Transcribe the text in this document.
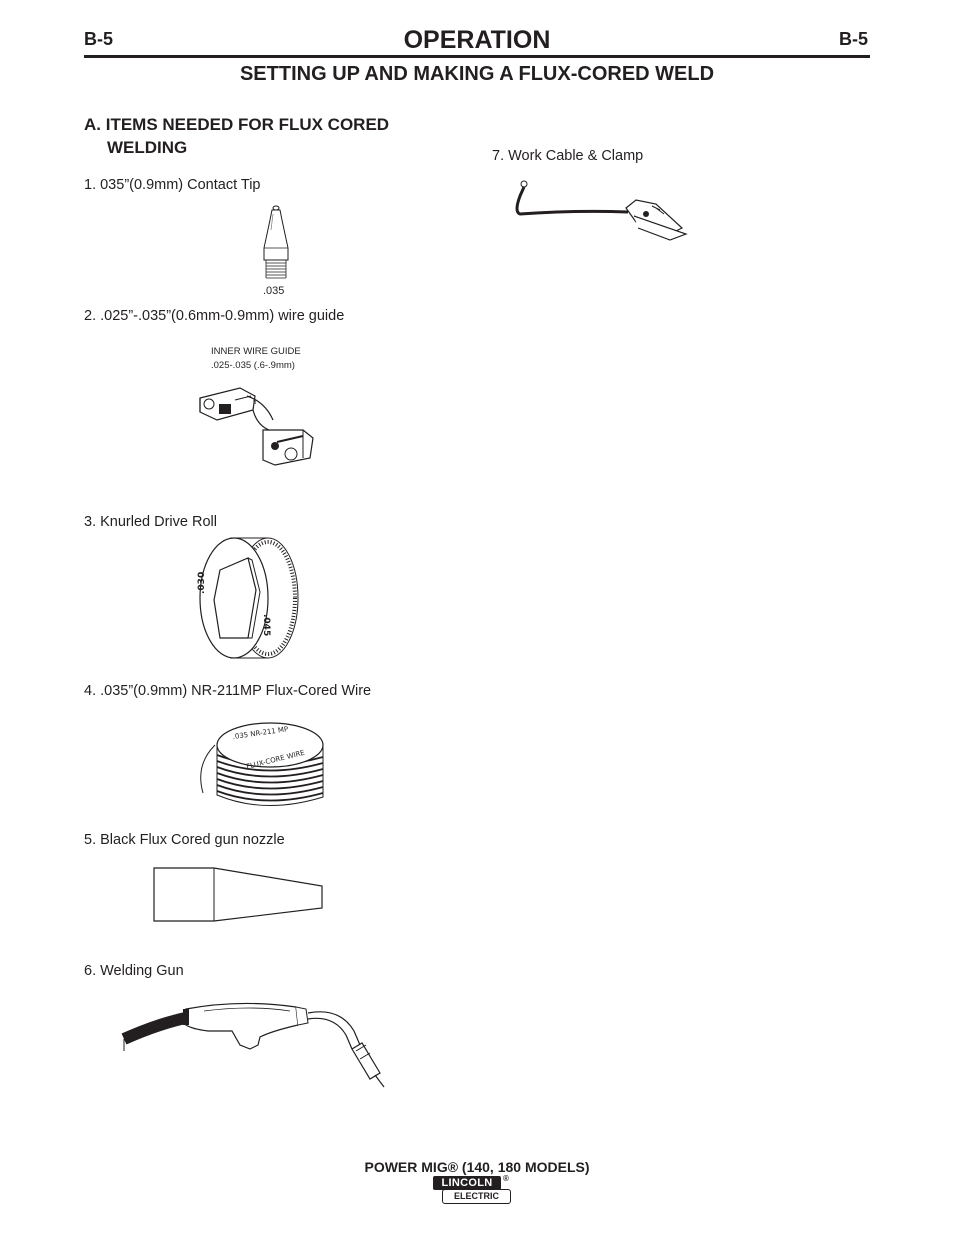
B-5	B-5
OPERATION
SETTING UP AND MAKING A FLUX-CORED WELD
A. ITEMS NEEDED FOR FLUX CORED
WELDING
1. 035”(0.9mm) Contact Tip
.035
2. .025”-.035”(0.6mm-0.9mm) wire guide
INNER WIRE GUIDE
.025-.035 (.6-.9mm)
B
3. Knurled Drive Roll
.030
.045
4. .035”(0.9mm) NR-211MP Flux-Cored Wire
.035 NR-211 MP
FLUX-CORE WIRE
5. Black Flux Cored gun nozzle
6. Welding Gun
7. Work Cable & Clamp
POWER MIG® (140, 180 MODELS)
LINCOLN
ELECTRIC
®
